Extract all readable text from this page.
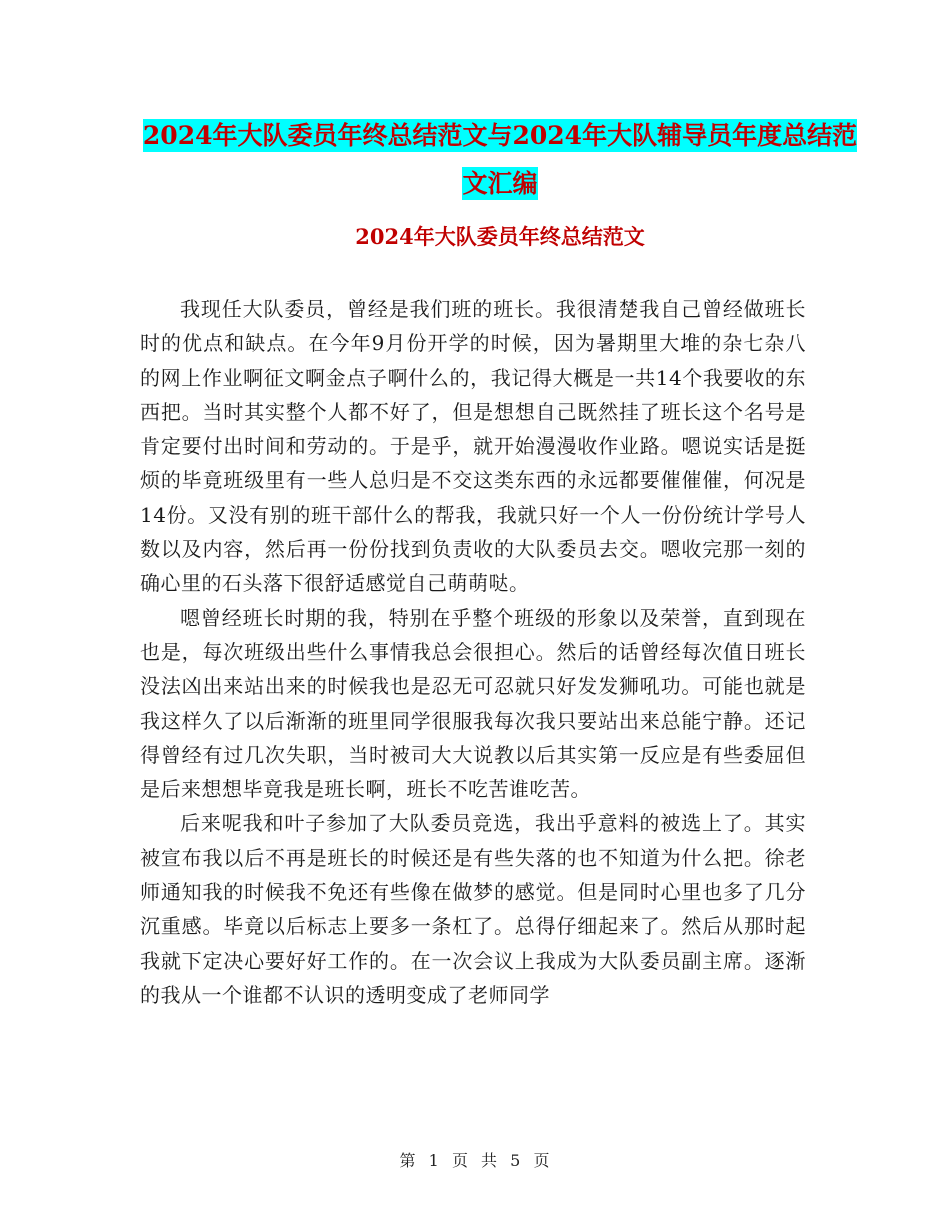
2024年大队委员年终总结范文与2024年大队辅导员年度总结范文汇编
2024年大队委员年终总结范文

我现任大队委员，曾经是我们班的班长。我很清楚我自己曾经做班长时的优点和缺点。在今年9月份开学的时候，因为暑期里大堆的杂七杂八的网上作业啊征文啊金点子啊什么的，我记得大概是一共14个我要收的东西把。当时其实整个人都不好了，但是想想自己既然挂了班长这个名号是肯定要付出时间和劳动的。于是乎，就开始漫漫收作业路。嗯说实话是挺烦的毕竟班级里有一些人总归是不交这类东西的永远都要催催催，何况是14份。又没有别的班干部什么的帮我，我就只好一个人一份份统计学号人数以及内容，然后再一份份找到负责收的大队委员去交。嗯收完那一刻的确心里的石头落下很舒适感觉自己萌萌哒。

嗯曾经班长时期的我，特别在乎整个班级的形象以及荣誉，直到现在也是，每次班级出些什么事情我总会很担心。然后的话曾经每次值日班长没法凶出来站出来的时候我也是忍无可忍就只好发发狮吼功。可能也就是我这样久了以后渐渐的班里同学很服我每次我只要站出来总能宁静。还记得曾经有过几次失职，当时被司大大说教以后其实第一反应是有些委屈但是后来想想毕竟我是班长啊，班长不吃苦谁吃苦。

后来呢我和叶子参加了大队委员竞选，我出乎意料的被选上了。其实被宣布我以后不再是班长的时候还是有些失落的也不知道为什么把。徐老师通知我的时候我不免还有些像在做梦的感觉。但是同时心里也多了几分沉重感。毕竟以后标志上要多一条杠了。总得仔细起来了。然后从那时起我就下定决心要好好工作的。在一次会议上我成为大队委员副主席。逐渐的我从一个谁都不认识的透明变成了老师同学

第 1 页 共 5 页
